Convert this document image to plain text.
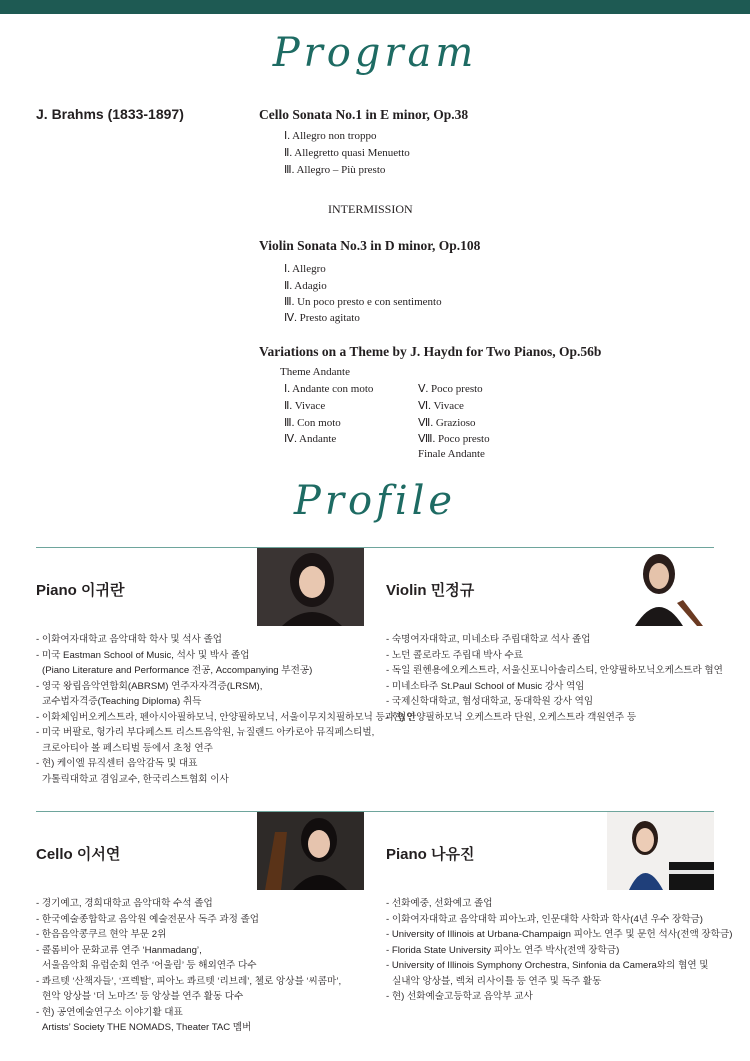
Program
J. Brahms (1833-1897)	Cello Sonata No.1 in E minor, Op.38
Ⅰ. Allegro non troppo
Ⅱ. Allegretto quasi Menuetto
Ⅲ. Allegro – Più presto
INTERMISSION
Violin Sonata No.3 in D minor, Op.108
Ⅰ. Allegro
Ⅱ. Adagio
Ⅲ. Un poco presto e con sentimento
Ⅳ. Presto agitato
Variations on a Theme by J. Haydn for Two Pianos, Op.56b
Theme Andante
Ⅰ. Andante con moto
Ⅱ. Vivace
Ⅲ. Con moto
Ⅳ. Andante
Ⅴ. Poco presto
Ⅵ. Vivace
Ⅶ. Grazioso
Ⅷ. Poco presto
Finale Andante
Profile
Piano 이귀란
- 이화여자대학교 음악대학 학사 및 석사 졸업
- 미국 Eastman School of Music, 석사 및 박사 졸업
(Piano Literature and Performance 전공, Accompanying 부전공)
- 영국 왕립음악연합회(ABRSM) 연주자자격증(LRSM),
교수법자격증(Teaching Diploma) 취득
- 이화체임버오케스트라, 펜아시아필하모닉, 안양필하모닉, 서울이무지치필하모닉 등과 협연
- 미국 버팔로, 헝가리 부다페스트 리스트음악원, 뉴질랜드 아카로아 뮤직페스티벌,
크로아티아 볼 페스티벌 등에서 초청 연주
- 현) 케이엘 뮤직센터 음악감독 및 대표
가톨릭대학교 겸임교수, 한국리스트협회 이사
Violin 민정규
- 숙명여자대학교, 미네소타 주립대학교 석사 졸업
- 노던 콜로라도 주립대 박사 수료
- 독일 뢴헨용에오케스트라, 서울신포니아솔리스티, 안양필하모닉오케스트라 협연
- 미네소타주 St.Paul School of Music 강사 역임
- 국제신학대학교, 협성대학교, 동대학원 강사 역임
- 현) 안양필하모닉 오케스트라 단원, 오케스트라 객원연주 등
Cello 이서연
- 경기예고, 경희대학교 음악대학 수석 졸업
- 한국예술종합학교 음악원 예술전문사 독주 과정 졸업
- 한음음악콩쿠르 현악 부문 2위
- 콜롬비아 문화교류 연주 ‘Hanmadang’,
서울음악회 유럽순회 연주 ‘어울림’ 등 해외연주 다수
- 콰르텟 ‘산책자들’, ‘프렉탈’, 피아노 콰르텟 ‘리브레’, 첼로 앙상블 ‘씨콤마’,
현악 앙상블 ‘더 노마즈’ 등 앙상블 연주 활동 다수
- 현) 공연예술연구소 이야기활 대표
Artists’ Society THE NOMADS, Theater TAC 멤버
Piano 나유진
- 선화예중, 선화예고 졸업
- 이화여자대학교 음악대학 피아노과, 인문대학 사학과 학사(4년 우수 장학금)
- University of Illinois at Urbana-Champaign 피아노 연주 및 문헌 석사(전액 장학금)
- Florida State University 피아노 연주 박사(전액 장학금)
- University of Illinois Symphony Orchestra, Sinfonia da Camera와의 협연 및
실내악 앙상블, 렉쳐 리사이틀 등 연주 및 독주 활동
- 현) 선화예술고등학교 음악부 교사
